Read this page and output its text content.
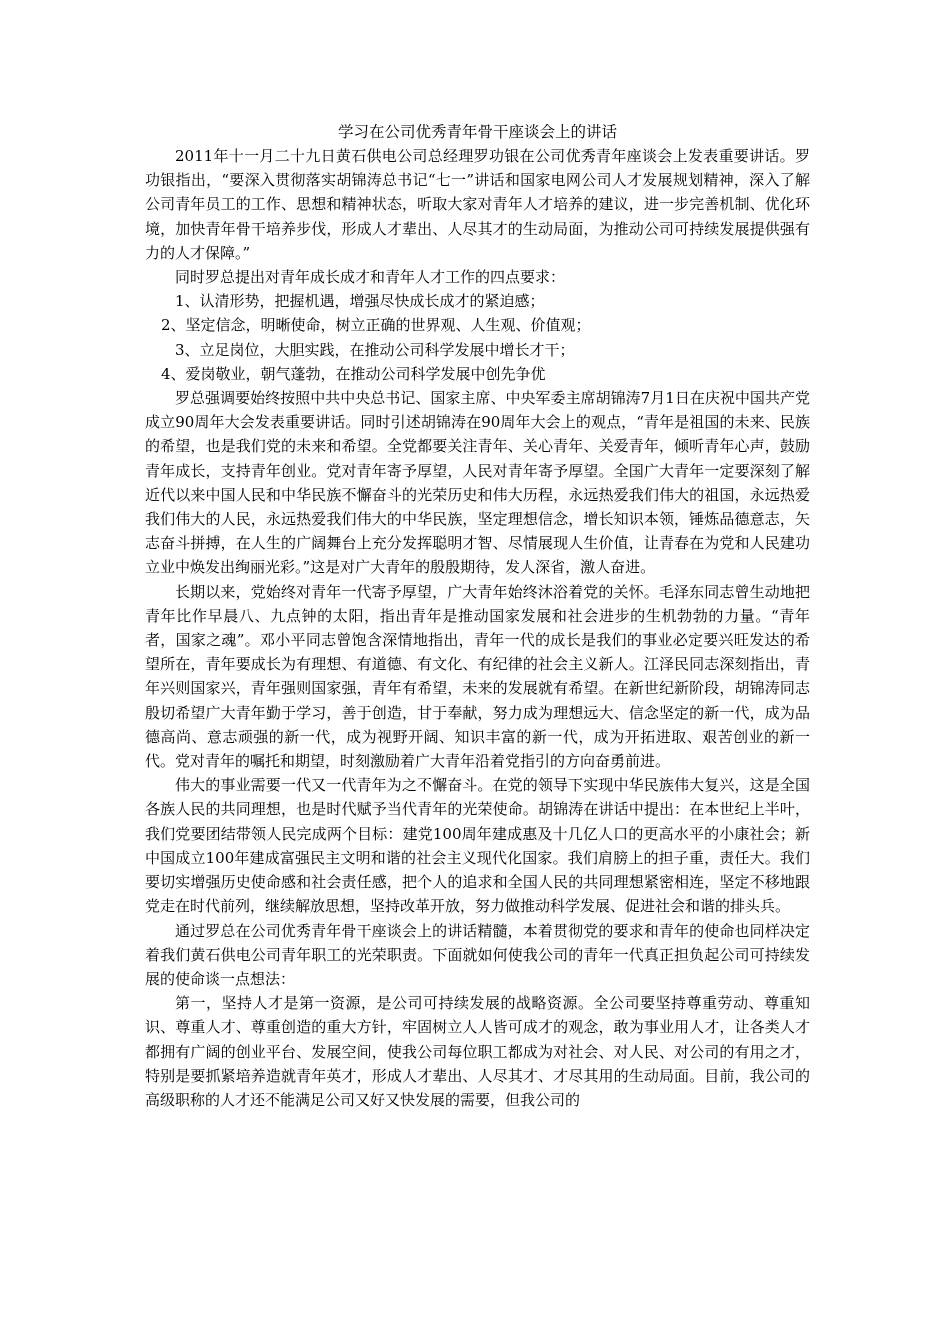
学习在公司优秀青年骨干座谈会上的讲话

2011年十一月二十九日黄石供电公司总经理罗功银在公司优秀青年座谈会上发表重要讲话。罗功银指出，“要深入贯彻落实胡锦涛总书记“七一”讲话和国家电网公司人才发展规划精神，深入了解公司青年员工的工作、思想和精神状态，听取大家对青年人才培养的建议，进一步完善机制、优化环境，加快青年骨干培养步伐，形成人才辈出、人尽其才的生动局面，为推动公司可持续发展提供强有力的人才保障。”

同时罗总提出对青年成长成才和青年人才工作的四点要求：

1、认清形势，把握机遇，增强尽快成长成才的紧迫感；

2、坚定信念，明晰使命，树立正确的世界观、人生观、价值观；

3、立足岗位，大胆实践，在推动公司科学发展中增长才干；

4、爱岗敬业，朝气蓬勃，在推动公司科学发展中创先争优

罗总强调要始终按照中共中央总书记、国家主席、中央军委主席胡锦涛7月1日在庆祝中国共产党成立90周年大会发表重要讲话。同时引述胡锦涛在90周年大会上的观点，“青年是祖国的未来、民族的希望，也是我们党的未来和希望。全党都要关注青年、关心青年、关爱青年，倾听青年心声，鼓励青年成长，支持青年创业。党对青年寄予厚望，人民对青年寄予厚望。全国广大青年一定要深刻了解近代以来中国人民和中华民族不懈奋斗的光荣历史和伟大历程，永远热爱我们伟大的祖国，永远热爱我们伟大的人民，永远热爱我们伟大的中华民族，坚定理想信念，增长知识本领，锤炼品德意志，矢志奋斗拼搏，在人生的广阔舞台上充分发挥聪明才智、尽情展现人生价值，让青春在为党和人民建功立业中焕发出绚丽光彩。”这是对广大青年的殷殷期待，发人深省，激人奋进。

长期以来，党始终对青年一代寄予厚望，广大青年始终沐浴着党的关怀。毛泽东同志曾生动地把青年比作早晨八、九点钟的太阳，指出青年是推动国家发展和社会进步的生机勃勃的力量。“青年者，国家之魂”。邓小平同志曾饱含深情地指出，青年一代的成长是我们的事业必定要兴旺发达的希望所在，青年要成长为有理想、有道德、有文化、有纪律的社会主义新人。江泽民同志深刻指出，青年兴则国家兴，青年强则国家强，青年有希望，未来的发展就有希望。在新世纪新阶段，胡锦涛同志殷切希望广大青年勤于学习，善于创造，甘于奉献，努力成为理想远大、信念坚定的新一代，成为品德高尚、意志顽强的新一代，成为视野开阔、知识丰富的新一代，成为开拓进取、艰苦创业的新一代。党对青年的嘱托和期望，时刻激励着广大青年沿着党指引的方向奋勇前进。

伟大的事业需要一代又一代青年为之不懈奋斗。在党的领导下实现中华民族伟大复兴，这是全国各族人民的共同理想，也是时代赋予当代青年的光荣使命。胡锦涛在讲话中提出：在本世纪上半叶，我们党要团结带领人民完成两个目标：建党100周年建成惠及十几亿人口的更高水平的小康社会；新中国成立100年建成富强民主文明和谐的社会主义现代化国家。我们肩膀上的担子重，责任大。我们要切实增强历史使命感和社会责任感，把个人的追求和全国人民的共同理想紧密相连，坚定不移地跟党走在时代前列，继续解放思想，坚持改革开放，努力做推动科学发展、促进社会和谐的排头兵。

通过罗总在公司优秀青年骨干座谈会上的讲话精髓，本着贯彻党的要求和青年的使命也同样决定着我们黄石供电公司青年职工的光荣职责。下面就如何使我公司的青年一代真正担负起公司可持续发展的使命谈一点想法：

第一，坚持人才是第一资源，是公司可持续发展的战略资源。全公司要坚持尊重劳动、尊重知识、尊重人才、尊重创造的重大方针，牢固树立人人皆可成才的观念，敢为事业用人才，让各类人才都拥有广阔的创业平台、发展空间，使我公司每位职工都成为对社会、对人民、对公司的有用之才，特别是要抓紧培养造就青年英才，形成人才辈出、人尽其才、才尽其用的生动局面。目前，我公司的高级职称的人才还不能满足公司又好又快发展的需要，但我公司的
